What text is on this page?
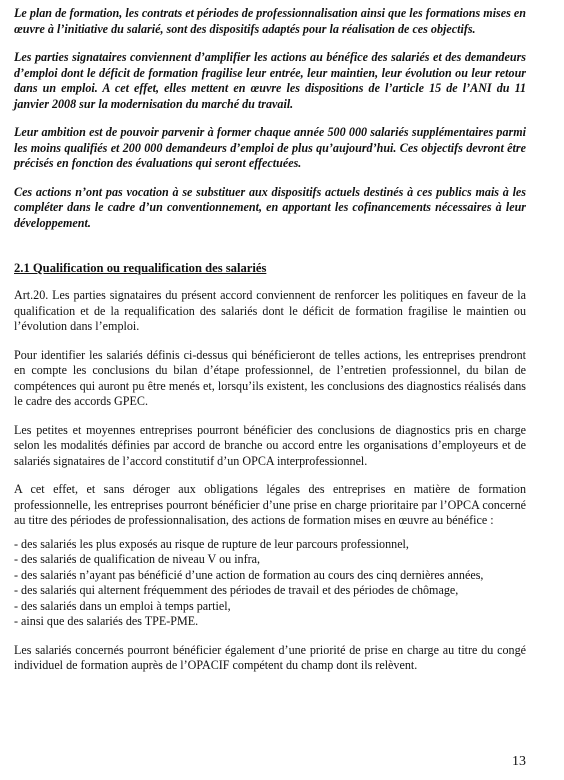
Le plan de formation, les contrats et périodes de professionnalisation ainsi que les formations mises en œuvre à l’initiative du salarié, sont des dispositifs adaptés pour la réalisation de ces objectifs.

Les parties signataires conviennent d’amplifier les actions au bénéfice des salariés et des demandeurs d’emploi dont le déficit de formation fragilise leur entrée, leur maintien, leur évolution ou leur retour dans un emploi. A cet effet, elles mettent en œuvre les dispositions de l’article 15 de l’ANI du 11 janvier 2008 sur la modernisation du marché du travail.

Leur ambition est de pouvoir parvenir à former chaque année 500 000 salariés supplémentaires parmi les moins qualifiés et 200 000 demandeurs d’emploi de plus qu’aujourd’hui. Ces objectifs devront être précisés en fonction des évaluations qui seront effectuées.

Ces actions n’ont pas vocation à se substituer aux dispositifs actuels destinés à ces publics mais à les compléter dans le cadre d’un conventionnement, en apportant les cofinancements nécessaires à leur développement.

2.1 Qualification ou requalification des salariés

Art.20. Les parties signataires du présent accord conviennent de renforcer les politiques en faveur de la qualification et de la requalification des salariés dont le déficit de formation fragilise le maintien ou l’évolution dans l’emploi.

Pour identifier les salariés définis ci-dessus qui bénéficieront de telles actions, les entreprises prendront en compte les conclusions du bilan d’étape professionnel, de l’entretien professionnel, du bilan de compétences qui auront pu être menés et, lorsqu’ils existent, les conclusions des diagnostics réalisés dans le cadre des accords GPEC.

Les petites et moyennes entreprises pourront bénéficier des conclusions de diagnostics pris en charge selon les modalités définies par accord de branche ou accord entre les organisations d’employeurs et de salariés signataires de l’accord constitutif d’un OPCA interprofessionnel.

A cet effet, et sans déroger aux obligations légales des entreprises en matière de formation professionnelle, les entreprises pourront bénéficier d’une prise en charge prioritaire par l’OPCA concerné au titre des périodes de professionnalisation, des actions de formation mises en œuvre au bénéfice :

- des salariés les plus exposés au risque de rupture de leur parcours professionnel,
- des salariés de qualification de niveau V ou infra,
- des salariés n’ayant pas bénéficié d’une action de formation au cours des cinq dernières années,
- des salariés qui alternent fréquemment des périodes de travail et des périodes de chômage,
- des salariés dans un emploi à temps partiel,
- ainsi que des salariés des TPE-PME.

Les salariés concernés pourront bénéficier également d’une priorité de prise en charge au titre du congé individuel de formation auprès de l’OPACIF compétent du champ dont ils relèvent.

13
